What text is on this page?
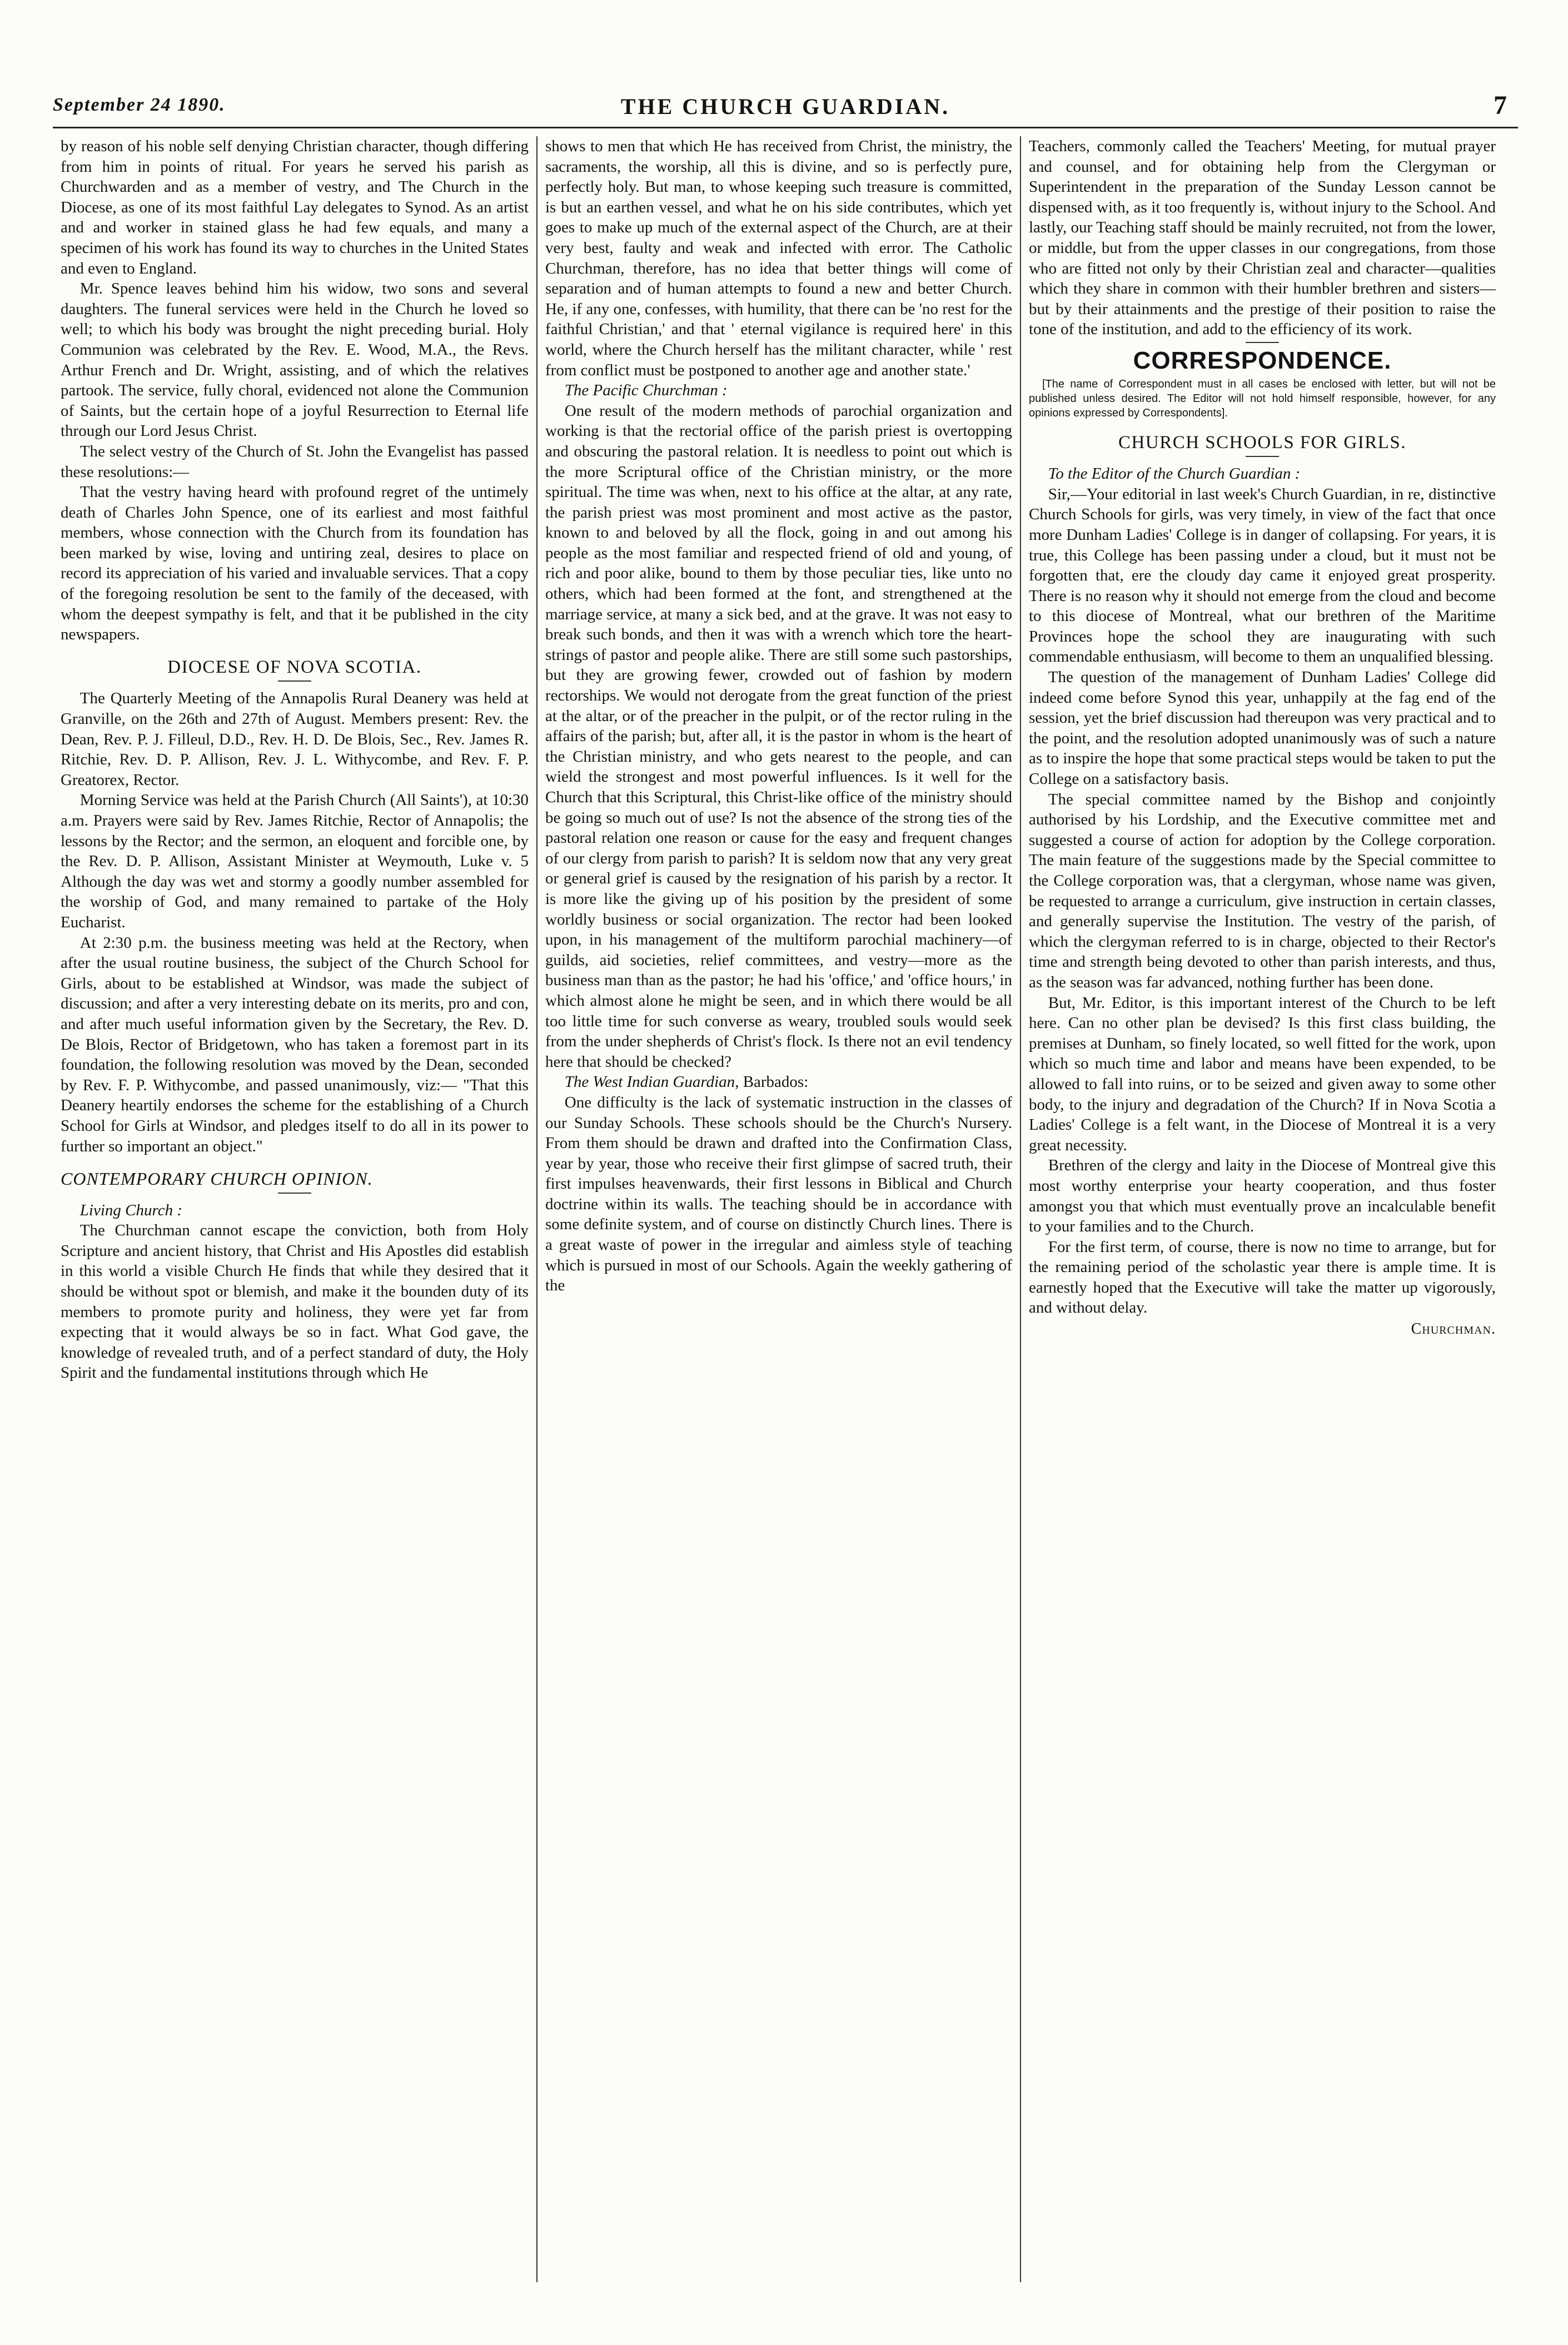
September 24 1890.	THE CHURCH GUARDIAN.	7

by reason of his noble self denying Christian character, though differing from him in points of ritual. For years he served his parish as Churchwarden and as a member of vestry, and The Church in the Diocese, as one of its most faithful Lay delegates to Synod. As an artist and and worker in stained glass he had few equals, and many a specimen of his work has found its way to churches in the United States and even to England.

Mr. Spence leaves behind him his widow, two sons and several daughters. The funeral services were held in the Church he loved so well; to which his body was brought the night preceding burial. Holy Communion was celebrated by the Rev. E. Wood, M.A., the Revs. Arthur French and Dr. Wright, assisting, and of which the relatives partook. The service, fully choral, evidenced not alone the Communion of Saints, but the certain hope of a joyful Resurrection to Eternal life through our Lord Jesus Christ.

The select vestry of the Church of St. John the Evangelist has passed these resolutions:—

That the vestry having heard with profound regret of the untimely death of Charles John Spence, one of its earliest and most faithful members, whose connection with the Church from its foundation has been marked by wise, loving and untiring zeal, desires to place on record its appreciation of his varied and invaluable services. That a copy of the foregoing resolution be sent to the family of the deceased, with whom the deepest sympathy is felt, and that it be published in the city newspapers.

DIOCESE OF NOVA SCOTIA.

The Quarterly Meeting of the Annapolis Rural Deanery was held at Granville, on the 26th and 27th of August. Members present: Rev. the Dean, Rev. P. J. Filleul, D.D., Rev. H. D. De Blois, Sec., Rev. James R. Ritchie, Rev. D. P. Allison, Rev. J. L. Withycombe, and Rev. F. P. Greatorex, Rector.

Morning Service was held at the Parish Church (All Saints'), at 10:30 a.m. Prayers were said by Rev. James Ritchie, Rector of Annapolis; the lessons by the Rector; and the sermon, an eloquent and forcible one, by the Rev. D. P. Allison, Assistant Minister at Weymouth, Luke v. 5 Although the day was wet and stormy a goodly number assembled for the worship of God, and many remained to partake of the Holy Eucharist.

At 2:30 p.m. the business meeting was held at the Rectory, when after the usual routine business, the subject of the Church School for Girls, about to be established at Windsor, was made the subject of discussion; and after a very interesting debate on its merits, pro and con, and after much useful information given by the Secretary, the Rev. D. De Blois, Rector of Bridgetown, who has taken a foremost part in its foundation, the following resolution was moved by the Dean, seconded by Rev. F. P. Withycombe, and passed unanimously, viz:— "That this Deanery heartily endorses the scheme for the establishing of a Church School for Girls at Windsor, and pledges itself to do all in its power to further so important an object."

CONTEMPORARY CHURCH OPINION.

Living Church :

The Churchman cannot escape the conviction, both from Holy Scripture and ancient history, that Christ and His Apostles did establish in this world a visible Church He finds that while they desired that it should be without spot or blemish, and make it the bounden duty of its members to promote purity and holiness, they were yet far from expecting that it would always be so in fact. What God gave, the knowledge of revealed truth, and of a perfect standard of duty, the Holy Spirit and the fundamental institutions through which He

shows to men that which He has received from Christ, the ministry, the sacraments, the worship, all this is divine, and so is perfectly pure, perfectly holy. But man, to whose keeping such treasure is committed, is but an earthen vessel, and what he on his side contributes, which yet goes to make up much of the external aspect of the Church, are at their very best, faulty and weak and infected with error. The Catholic Churchman, therefore, has no idea that better things will come of separation and of human attempts to found a new and better Church. He, if any one, confesses, with humility, that there can be 'no rest for the faithful Christian,' and that ' eternal vigilance is required here' in this world, where the Church herself has the militant character, while ' rest from conflict must be postponed to another age and another state.'

The Pacific Churchman :

One result of the modern methods of parochial organization and working is that the rectorial office of the parish priest is overtopping and obscuring the pastoral relation. It is needless to point out which is the more Scriptural office of the Christian ministry, or the more spiritual. The time was when, next to his office at the altar, at any rate, the parish priest was most prominent and most active as the pastor, known to and beloved by all the flock, going in and out among his people as the most familiar and respected friend of old and young, of rich and poor alike, bound to them by those peculiar ties, like unto no others, which had been formed at the font, and strengthened at the marriage service, at many a sick bed, and at the grave. It was not easy to break such bonds, and then it was with a wrench which tore the heart-strings of pastor and people alike. There are still some such pastorships, but they are growing fewer, crowded out of fashion by modern rectorships. We would not derogate from the great function of the priest at the altar, or of the preacher in the pulpit, or of the rector ruling in the affairs of the parish; but, after all, it is the pastor in whom is the heart of the Christian ministry, and who gets nearest to the people, and can wield the strongest and most powerful influences. Is it well for the Church that this Scriptural, this Christ-like office of the ministry should be going so much out of use? Is not the absence of the strong ties of the pastoral relation one reason or cause for the easy and frequent changes of our clergy from parish to parish? It is seldom now that any very great or general grief is caused by the resignation of his parish by a rector. It is more like the giving up of his position by the president of some worldly business or social organization. The rector had been looked upon, in his management of the multiform parochial machinery—of guilds, aid societies, relief committees, and vestry—more as the business man than as the pastor; he had his 'office,' and 'office hours,' in which almost alone he might be seen, and in which there would be all too little time for such converse as weary, troubled souls would seek from the under shepherds of Christ's flock. Is there not an evil tendency here that should be checked?

The West Indian Guardian, Barbados:

One difficulty is the lack of systematic instruction in the classes of our Sunday Schools. These schools should be the Church's Nursery. From them should be drawn and drafted into the Confirmation Class, year by year, those who receive their first glimpse of sacred truth, their first impulses heavenwards, their first lessons in Biblical and Church doctrine within its walls. The teaching should be in accordance with some definite system, and of course on distinctly Church lines. There is a great waste of power in the irregular and aimless style of teaching which is pursued in most of our Schools. Again the weekly gathering of the

Teachers, commonly called the Teachers' Meeting, for mutual prayer and counsel, and for obtaining help from the Clergyman or Superintendent in the preparation of the Sunday Lesson cannot be dispensed with, as it too frequently is, without injury to the School. And lastly, our Teaching staff should be mainly recruited, not from the lower, or middle, but from the upper classes in our congregations, from those who are fitted not only by their Christian zeal and character—qualities which they share in common with their humbler brethren and sisters—but by their attainments and the prestige of their position to raise the tone of the institution, and add to the efficiency of its work.

CORRESPONDENCE.

[The name of Correspondent must in all cases be enclosed with letter, but will not be published unless desired. The Editor will not hold himself responsible, however, for any opinions expressed by Correspondents].

CHURCH SCHOOLS FOR GIRLS.

To the Editor of the Church Guardian :

Sir,—Your editorial in last week's Church Guardian, in re, distinctive Church Schools for girls, was very timely, in view of the fact that once more Dunham Ladies' College is in danger of collapsing. For years, it is true, this College has been passing under a cloud, but it must not be forgotten that, ere the cloudy day came it enjoyed great prosperity. There is no reason why it should not emerge from the cloud and become to this diocese of Montreal, what our brethren of the Maritime Provinces hope the school they are inaugurating with such commendable enthusiasm, will become to them an unqualified blessing.

The question of the management of Dunham Ladies' College did indeed come before Synod this year, unhappily at the fag end of the session, yet the brief discussion had thereupon was very practical and to the point, and the resolution adopted unanimously was of such a nature as to inspire the hope that some practical steps would be taken to put the College on a satisfactory basis.

The special committee named by the Bishop and conjointly authorised by his Lordship, and the Executive committee met and suggested a course of action for adoption by the College corporation. The main feature of the suggestions made by the Special committee to the College corporation was, that a clergyman, whose name was given, be requested to arrange a curriculum, give instruction in certain classes, and generally supervise the Institution. The vestry of the parish, of which the clergyman referred to is in charge, objected to their Rector's time and strength being devoted to other than parish interests, and thus, as the season was far advanced, nothing further has been done.

But, Mr. Editor, is this important interest of the Church to be left here. Can no other plan be devised? Is this first class building, the premises at Dunham, so finely located, so well fitted for the work, upon which so much time and labor and means have been expended, to be allowed to fall into ruins, or to be seized and given away to some other body, to the injury and degradation of the Church? If in Nova Scotia a Ladies' College is a felt want, in the Diocese of Montreal it is a very great necessity.

Brethren of the clergy and laity in the Diocese of Montreal give this most worthy enterprise your hearty cooperation, and thus foster amongst you that which must eventually prove an incalculable benefit to your families and to the Church.

For the first term, of course, there is now no time to arrange, but for the remaining period of the scholastic year there is ample time. It is earnestly hoped that the Executive will take the matter up vigorously, and without delay.

Churchman.
